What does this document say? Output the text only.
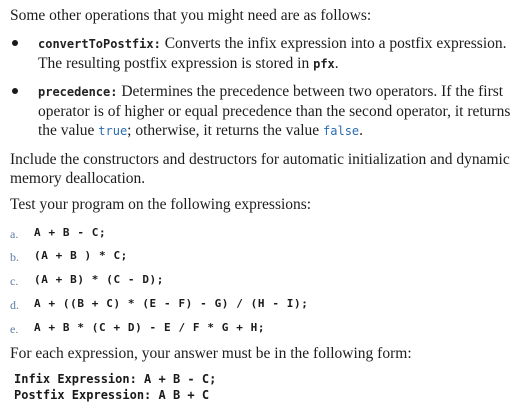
Some other operations that you might need are as follows:
convertToPostfix: Converts the infix expression into a postfix expression. The resulting postfix expression is stored in pfx.
precedence: Determines the precedence between two operators. If the first operator is of higher or equal precedence than the second operator, it returns the value true; otherwise, it returns the value false.
Include the constructors and destructors for automatic initialization and dynamic memory deallocation.
Test your program on the following expressions:
a. A + B - C;
b. (A + B ) * C;
c. (A + B) * (C - D);
d. A + ((B + C) * (E - F) - G) / (H - I);
e. A + B * (C + D) - E / F * G + H;
For each expression, your answer must be in the following form:
Infix Expression: A + B - C;
Postfix Expression: A B + C
